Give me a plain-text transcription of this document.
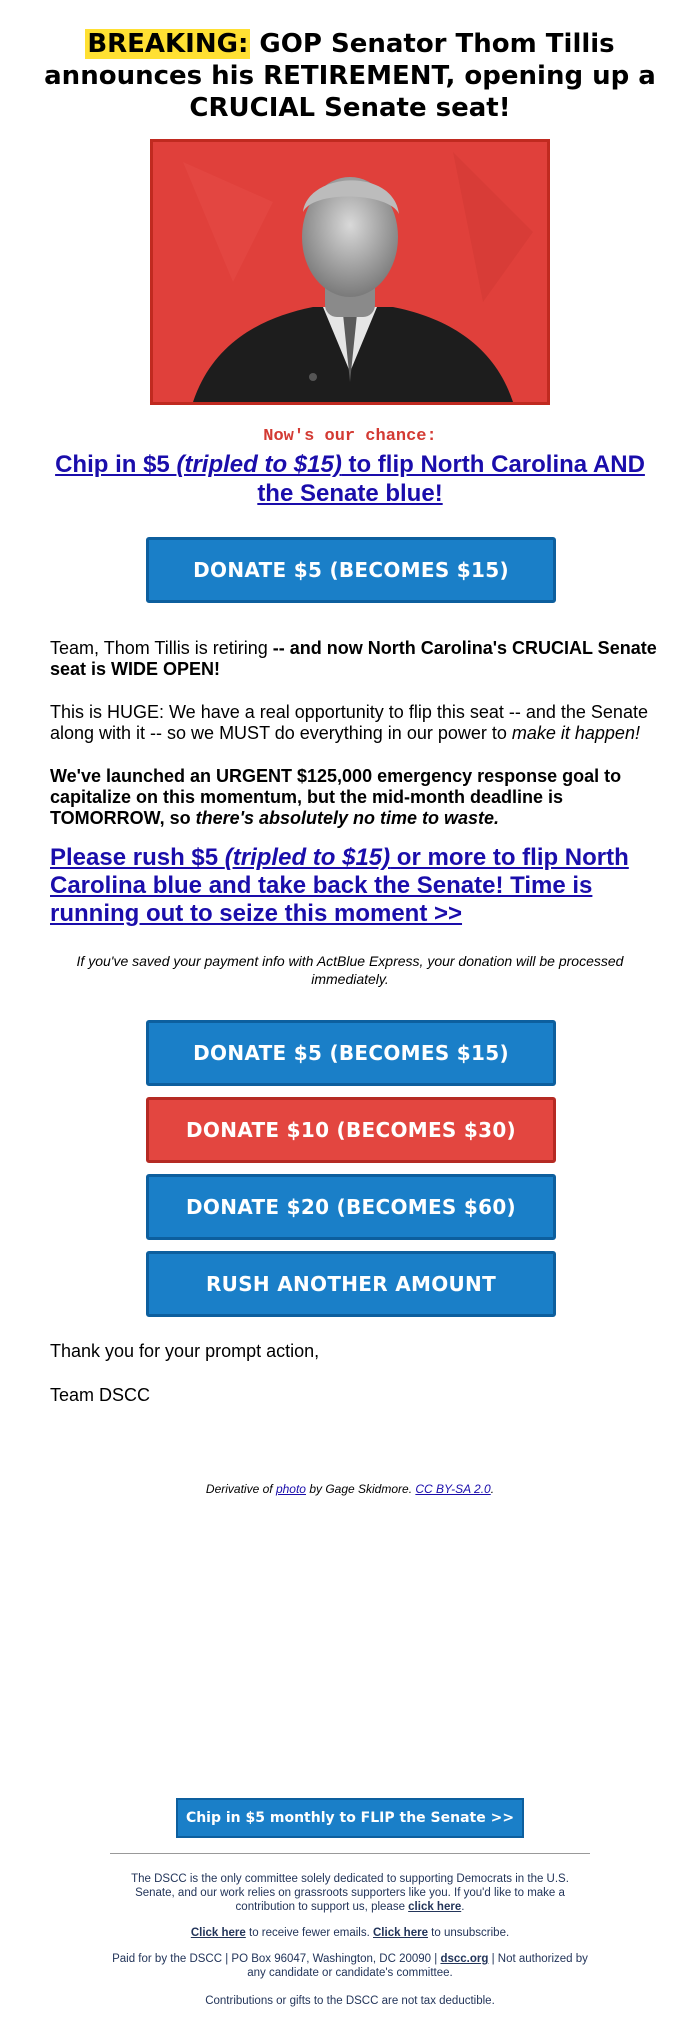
BREAKING: GOP Senator Thom Tillis announces his RETIREMENT, opening up a CRUCIAL Senate seat!
Now's our chance:
Chip in $5 (tripled to $15) to flip North Carolina AND the Senate blue!
DONATE $5 (BECOMES $15)
Team, Thom Tillis is retiring -- and now North Carolina's CRUCIAL Senate seat is WIDE OPEN!
This is HUGE: We have a real opportunity to flip this seat -- and the Senate along with it -- so we MUST do everything in our power to make it happen!
We've launched an URGENT $125,000 emergency response goal to capitalize on this momentum, but the mid-month deadline is TOMORROW, so there's absolutely no time to waste.
Please rush $5 (tripled to $15) or more to flip North Carolina blue and take back the Senate! Time is running out to seize this moment >>
If you've saved your payment info with ActBlue Express, your donation will be processed immediately.
DONATE $5 (BECOMES $15)
DONATE $10 (BECOMES $30)
DONATE $20 (BECOMES $60)
RUSH ANOTHER AMOUNT
Thank you for your prompt action,
Team DSCC
Derivative of photo by Gage Skidmore. CC BY-SA 2.0.
Chip in $5 monthly to FLIP the Senate >>
The DSCC is the only committee solely dedicated to supporting Democrats in the U.S. Senate, and our work relies on grassroots supporters like you. If you'd like to make a contribution to support us, please click here.
Click here to receive fewer emails. Click here to unsubscribe.
Paid for by the DSCC | PO Box 96047, Washington, DC 20090 | dscc.org | Not authorized by any candidate or candidate's committee.
Contributions or gifts to the DSCC are not tax deductible.
